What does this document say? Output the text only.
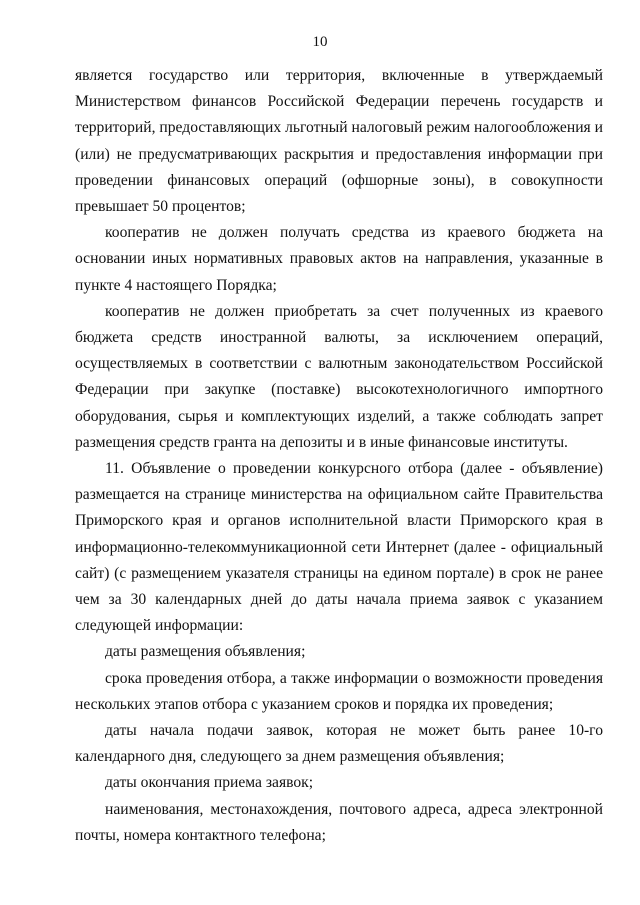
10

является государство или территория, включенные в утверждаемый Министерством финансов Российской Федерации перечень государств и территорий, предоставляющих льготный налоговый режим налогообложения и (или) не предусматривающих раскрытия и предоставления информации при проведении финансовых операций (офшорные зоны), в совокупности превышает 50 процентов;

кооператив не должен получать средства из краевого бюджета на основании иных нормативных правовых актов на направления, указанные в пункте 4 настоящего Порядка;

кооператив не должен приобретать за счет полученных из краевого бюджета средств иностранной валюты, за исключением операций, осуществляемых в соответствии с валютным законодательством Российской Федерации при закупке (поставке) высокотехнологичного импортного оборудования, сырья и комплектующих изделий, а также соблюдать запрет размещения средств гранта на депозиты и в иные финансовые институты.

11. Объявление о проведении конкурсного отбора (далее - объявление) размещается на странице министерства на официальном сайте Правительства Приморского края и органов исполнительной власти Приморского края в информационно-телекоммуникационной сети Интернет (далее - официальный сайт) (с размещением указателя страницы на едином портале) в срок не ранее чем за 30 календарных дней до даты начала приема заявок с указанием следующей информации:

даты размещения объявления;

срока проведения отбора, а также информации о возможности проведения нескольких этапов отбора с указанием сроков и порядка их проведения;

даты начала подачи заявок, которая не может быть ранее 10-го календарного дня, следующего за днем размещения объявления;

даты окончания приема заявок;

наименования, местонахождения, почтового адреса, адреса электронной почты, номера контактного телефона;
